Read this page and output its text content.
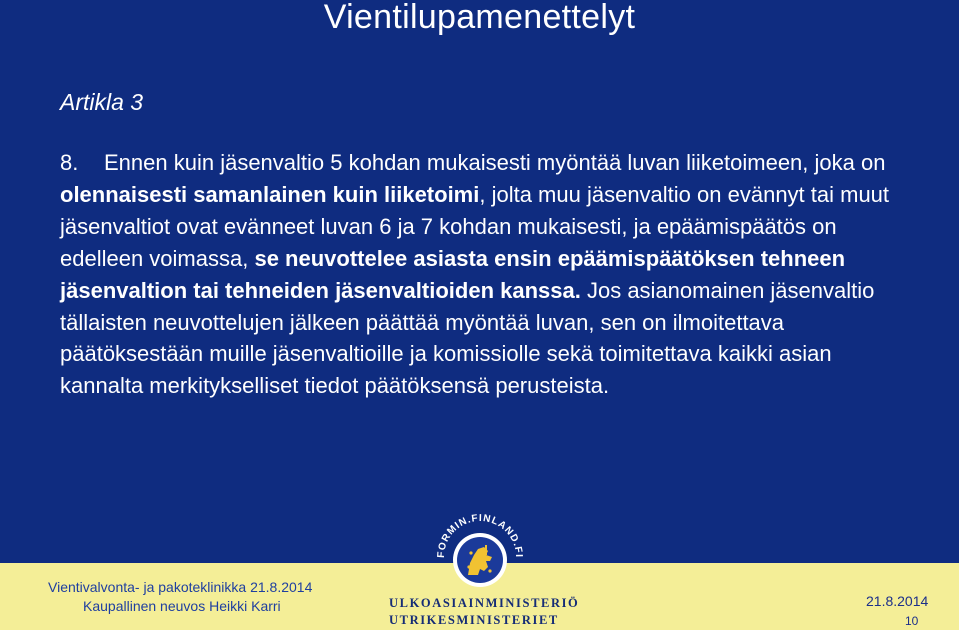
Vientilupamenettelyt
Artikla 3
8. Ennen kuin jäsenvaltio 5 kohdan mukaisesti myöntää luvan liiketoimeen, joka on olennaisesti samanlainen kuin liiketoimi, jolta muu jäsenvaltio on evännyt tai muut jäsenvaltiot ovat evänneet luvan 6 ja 7 kohdan mukaisesti, ja epäämispäätös on edelleen voimassa, se neuvottelee asiasta ensin epäämispäätöksen tehneen jäsenvaltion tai tehneiden jäsenvaltioiden kanssa. Jos asianomainen jäsenvaltio tällaisten neuvottelujen jälkeen päättää myöntää luvan, sen on ilmoitettava päätöksestään muille jäsenvaltioille ja komissiolle sekä toimitettava kaikki asian kannalta merkitykselliset tiedot päätöksensä perusteista.
Vientivalvonta- ja pakoteklinikka 21.8.2014
Kaupallinen neuvos Heikki Karri	ULKOASIAINMINISTERIÖ
UTRIKESMINISTERIET
21.8.2014
10
FORMIN.FINLAND.FI
